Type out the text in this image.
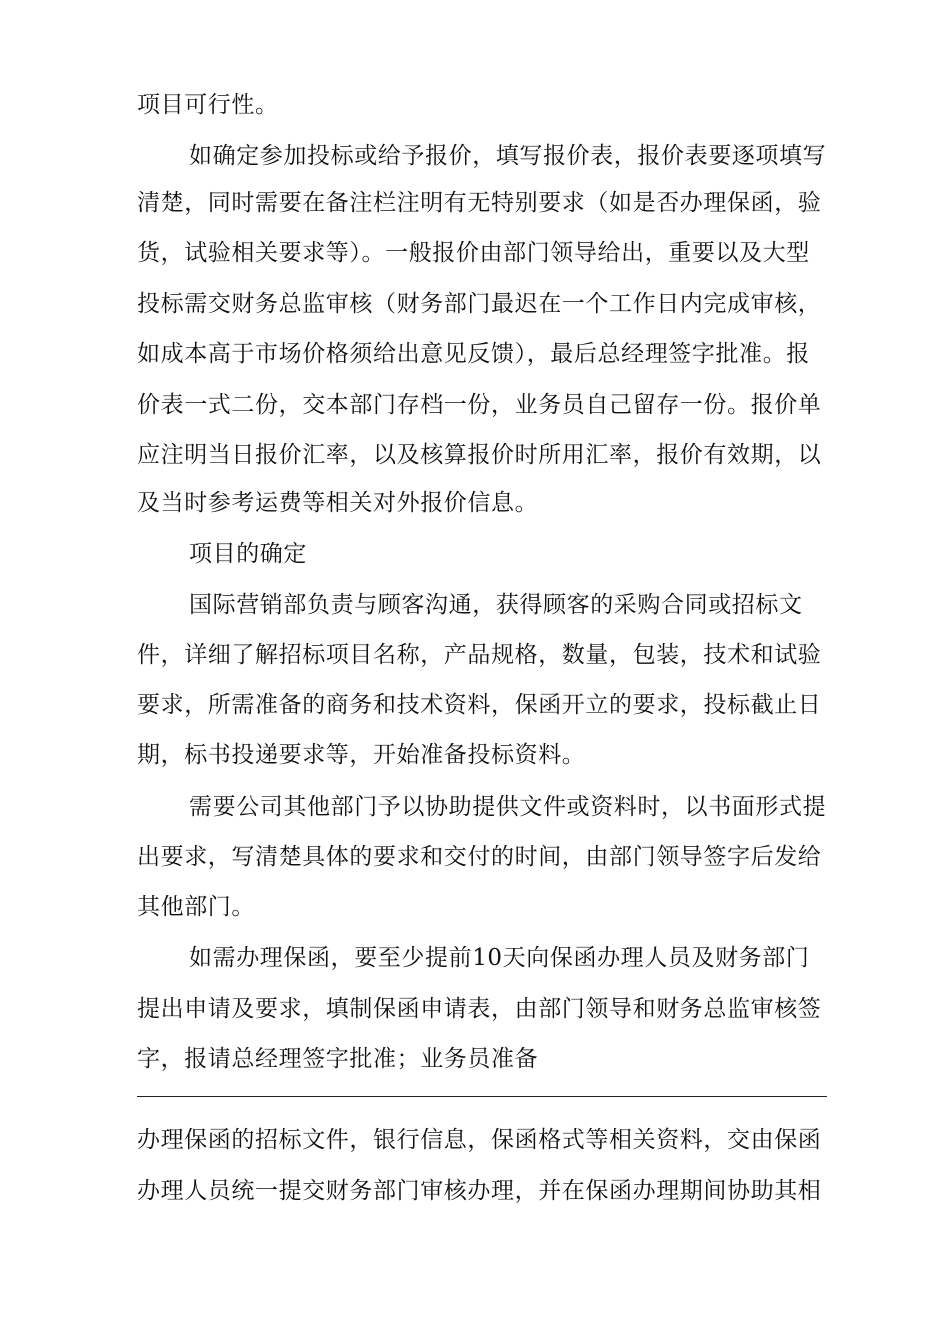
项目可行性。
如确定参加投标或给予报价，填写报价表，报价表要逐项填写
清楚，同时需要在备注栏注明有无特别要求（如是否办理保函，验
货，试验相关要求等）。一般报价由部门领导给出，重要以及大型
投标需交财务总监审核（财务部门最迟在一个工作日内完成审核，
如成本高于市场价格须给出意见反馈），最后总经理签字批准。报
价表一式二份，交本部门存档一份，业务员自己留存一份。报价单
应注明当日报价汇率，以及核算报价时所用汇率，报价有效期，以
及当时参考运费等相关对外报价信息。
项目的确定
国际营销部负责与顾客沟通，获得顾客的采购合同或招标文
件，详细了解招标项目名称，产品规格，数量，包装，技术和试验
要求，所需准备的商务和技术资料，保函开立的要求，投标截止日
期，标书投递要求等，开始准备投标资料。
需要公司其他部门予以协助提供文件或资料时，以书面形式提
出要求，写清楚具体的要求和交付的时间，由部门领导签字后发给
其他部门。
如需办理保函，要至少提前10天向保函办理人员及财务部门
提出申请及要求，填制保函申请表，由部门领导和财务总监审核签
字，报请总经理签字批准；业务员准备
办理保函的招标文件，银行信息，保函格式等相关资料，交由保函
办理人员统一提交财务部门审核办理，并在保函办理期间协助其相
